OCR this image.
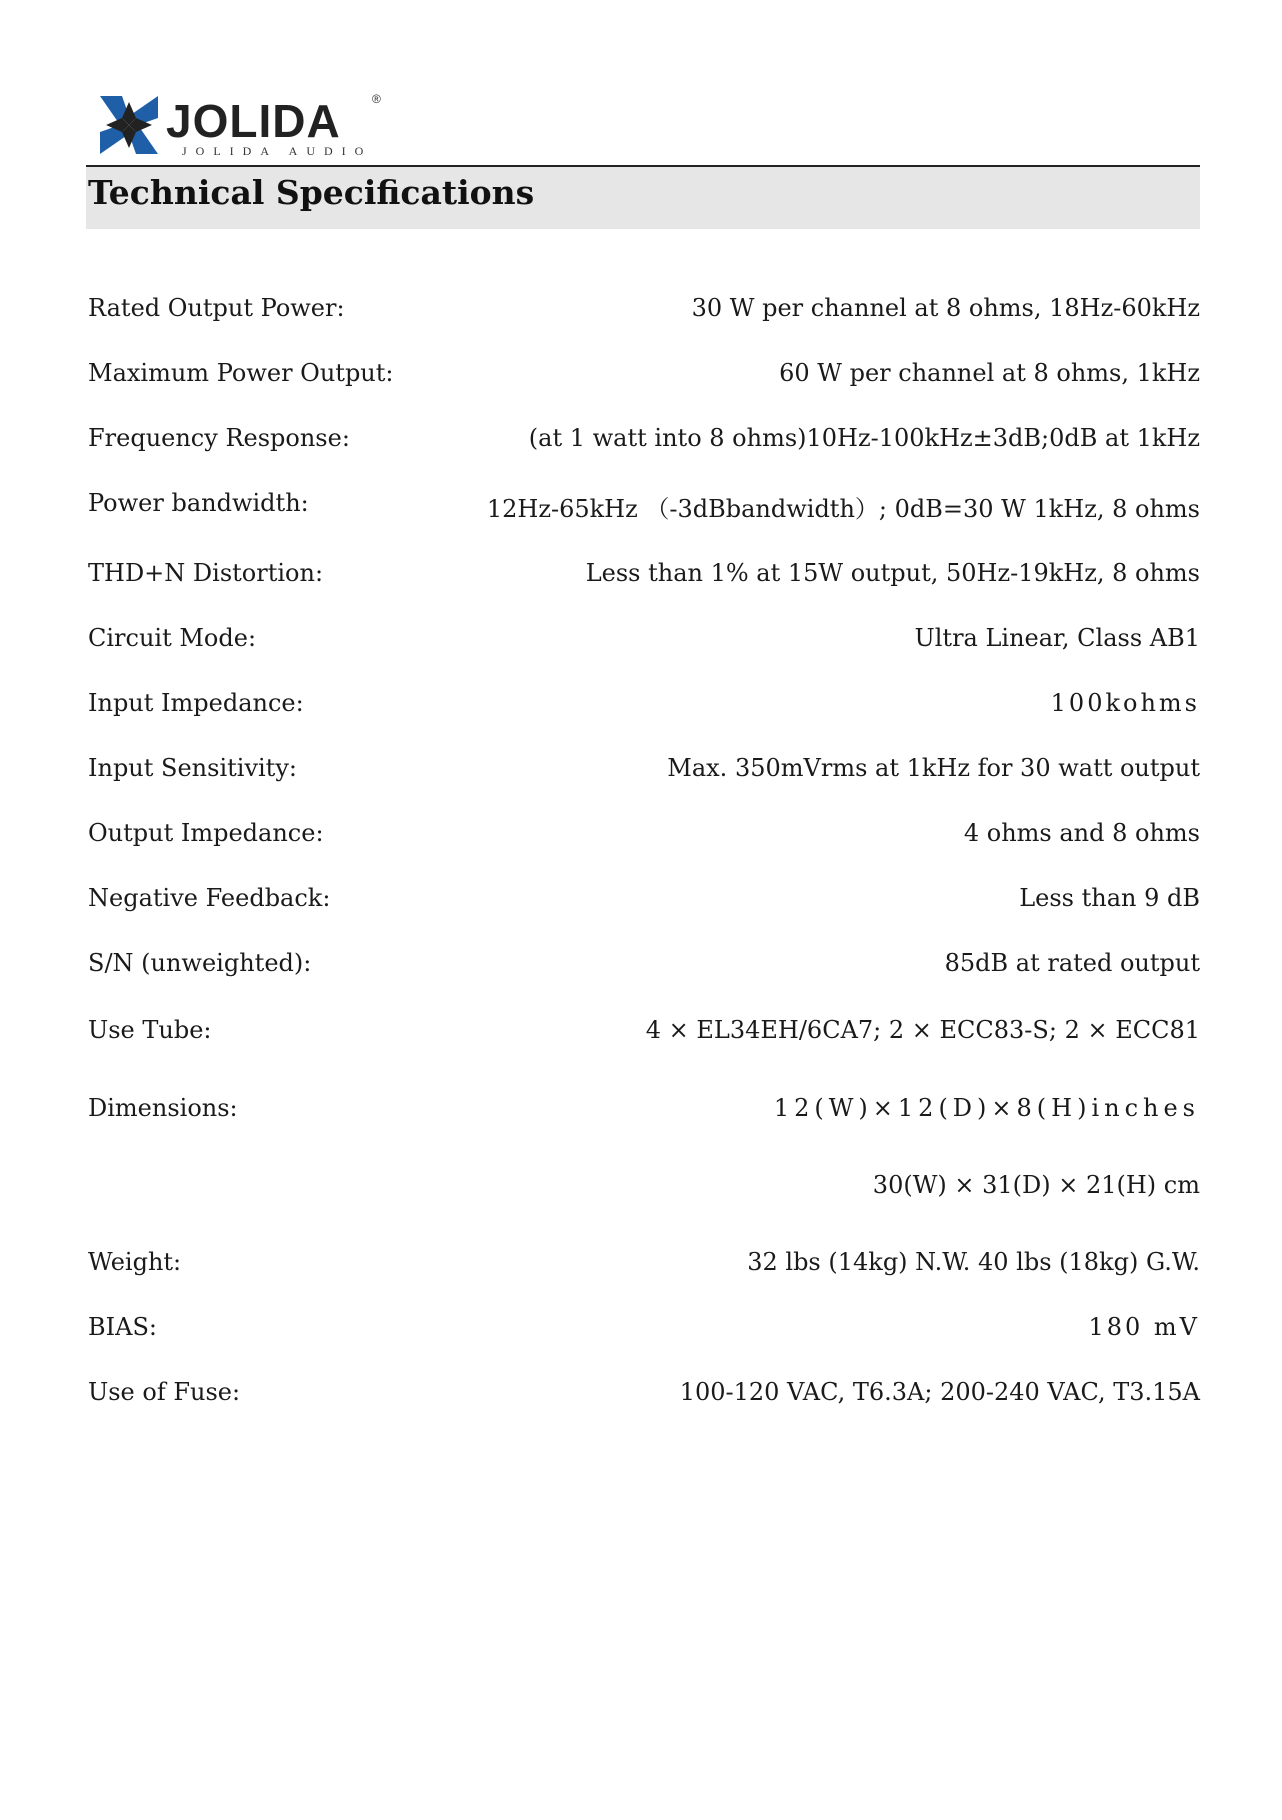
JOLIDA	®
JOLIDA AUDIO
Technical Specifications
Rated Output Power:	30 W per channel at 8 ohms, 18Hz-60kHz
Maximum Power Output:	60 W per channel at 8 ohms, 1kHz
Frequency Response:	(at 1 watt into 8 ohms)10Hz-100kHz±3dB;0dB at 1kHz
Power bandwidth:	12Hz-65kHz （-3dBbandwidth）; 0dB=30 W 1kHz, 8 ohms
THD+N Distortion:	Less than 1% at 15W output, 50Hz-19kHz, 8 ohms
Circuit Mode:	Ultra Linear, Class AB1
Input Impedance:	100kohms
Input Sensitivity:	Max. 350mVrms at 1kHz for 30 watt output
Output Impedance:	4 ohms and 8 ohms
Negative Feedback:	Less than 9 dB
S/N (unweighted):	85dB at rated output
Use Tube:	4 × EL34EH/6CA7; 2 × ECC83-S; 2 × ECC81
Dimensions:	12(W)×12(D)×8(H)inches
30(W) × 31(D) × 21(H) cm
Weight:	32 lbs (14kg) N.W. 40 lbs (18kg) G.W.
BIAS:	180 mV
Use of Fuse:	100-120 VAC, T6.3A; 200-240 VAC, T3.15A
